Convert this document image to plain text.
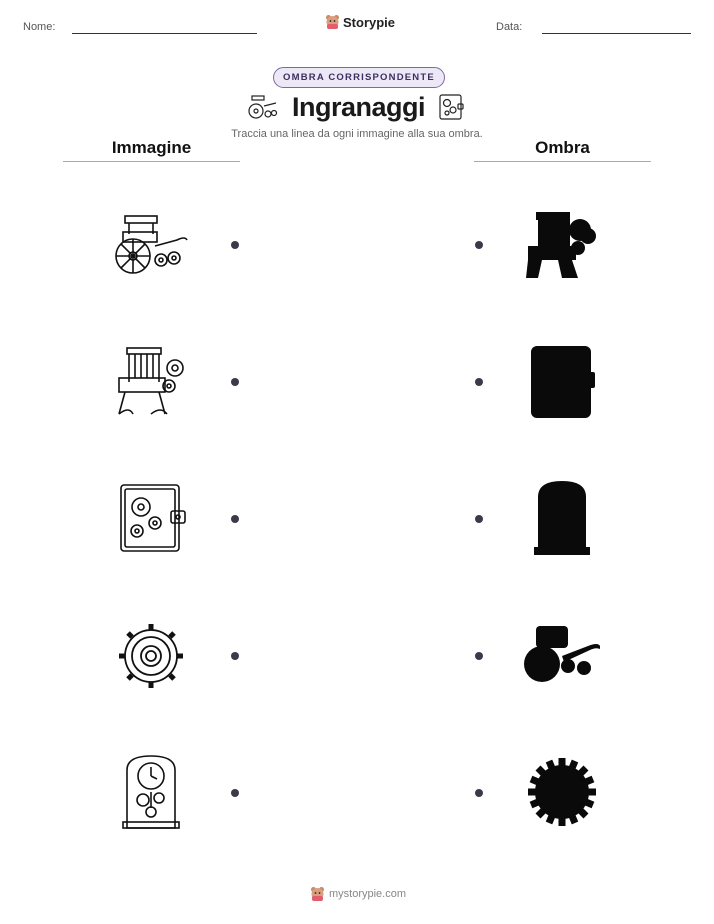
Nome:	Storypie	Data:
OMBRA CORRISPONDENTE
Ingranaggi
Traccia una linea da ogni immagine alla sua ombra.
Immagine	Ombra
mystorypie.com
